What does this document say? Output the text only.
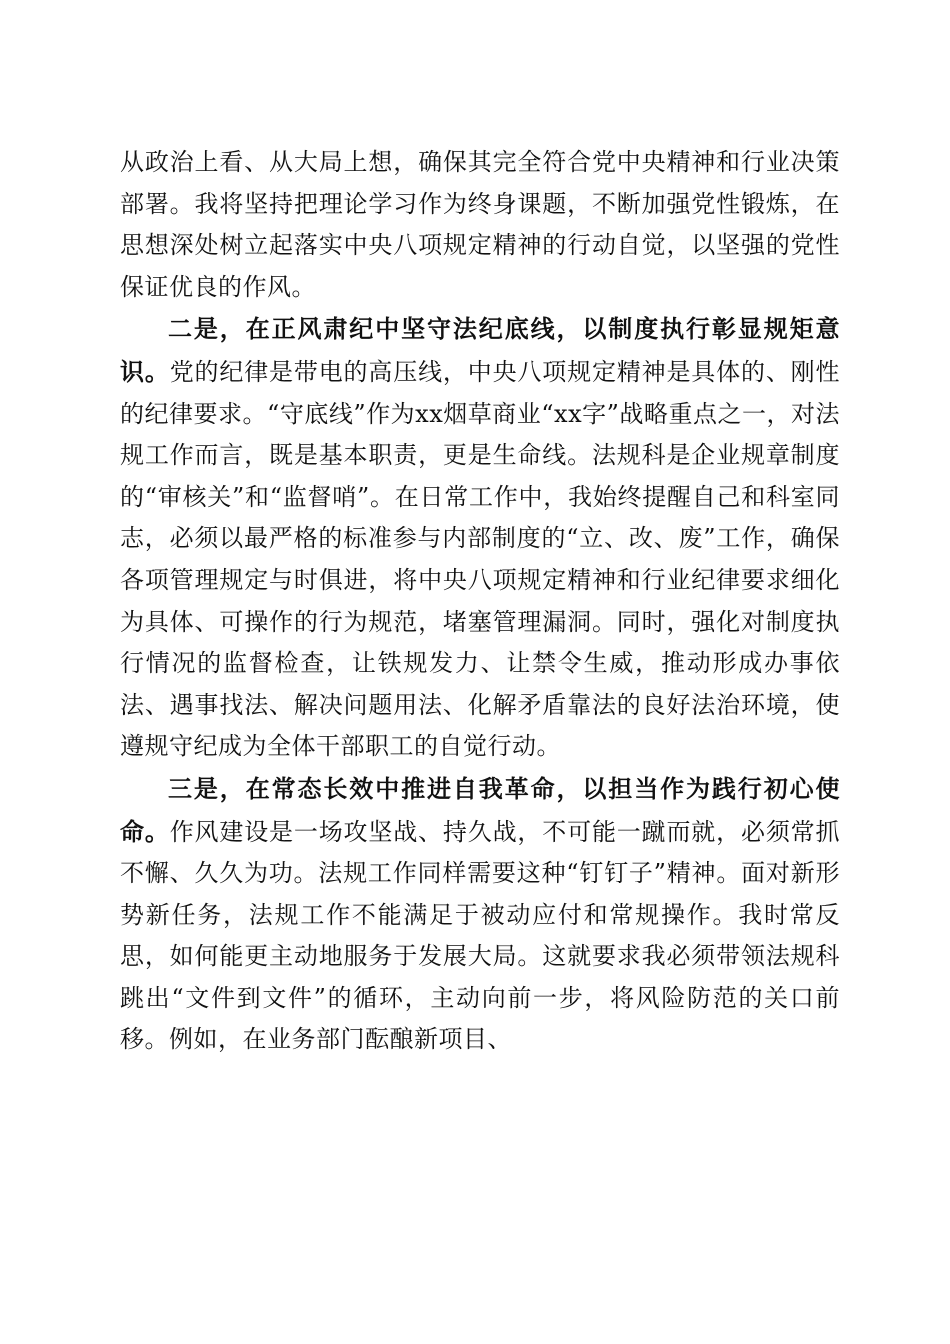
从政治上看、从大局上想，确保其完全符合党中央精神和行业决策部署。我将坚持把理论学习作为终身课题，不断加强党性锻炼，在思想深处树立起落实中央八项规定精神的行动自觉，以坚强的党性保证优良的作风。

二是，在正风肃纪中坚守法纪底线，以制度执行彰显规矩意识。党的纪律是带电的高压线，中央八项规定精神是具体的、刚性的纪律要求。“守底线”作为xx烟草商业“xx字”战略重点之一，对法规工作而言，既是基本职责，更是生命线。法规科是企业规章制度的“审核关”和“监督哨”。在日常工作中，我始终提醒自己和科室同志，必须以最严格的标准参与内部制度的“立、改、废”工作，确保各项管理规定与时俱进，将中央八项规定精神和行业纪律要求细化为具体、可操作的行为规范，堵塞管理漏洞。同时，强化对制度执行情况的监督检查，让铁规发力、让禁令生威，推动形成办事依法、遇事找法、解决问题用法、化解矛盾靠法的良好法治环境，使遵规守纪成为全体干部职工的自觉行动。

三是，在常态长效中推进自我革命，以担当作为践行初心使命。作风建设是一场攻坚战、持久战，不可能一蹴而就，必须常抓不懈、久久为功。法规工作同样需要这种“钉钉子”精神。面对新形势新任务，法规工作不能满足于被动应付和常规操作。我时常反思，如何能更主动地服务于发展大局。这就要求我必须带领法规科跳出“文件到文件”的循环，主动向前一步，将风险防范的关口前移。例如，在业务部门酝酿新项目、
